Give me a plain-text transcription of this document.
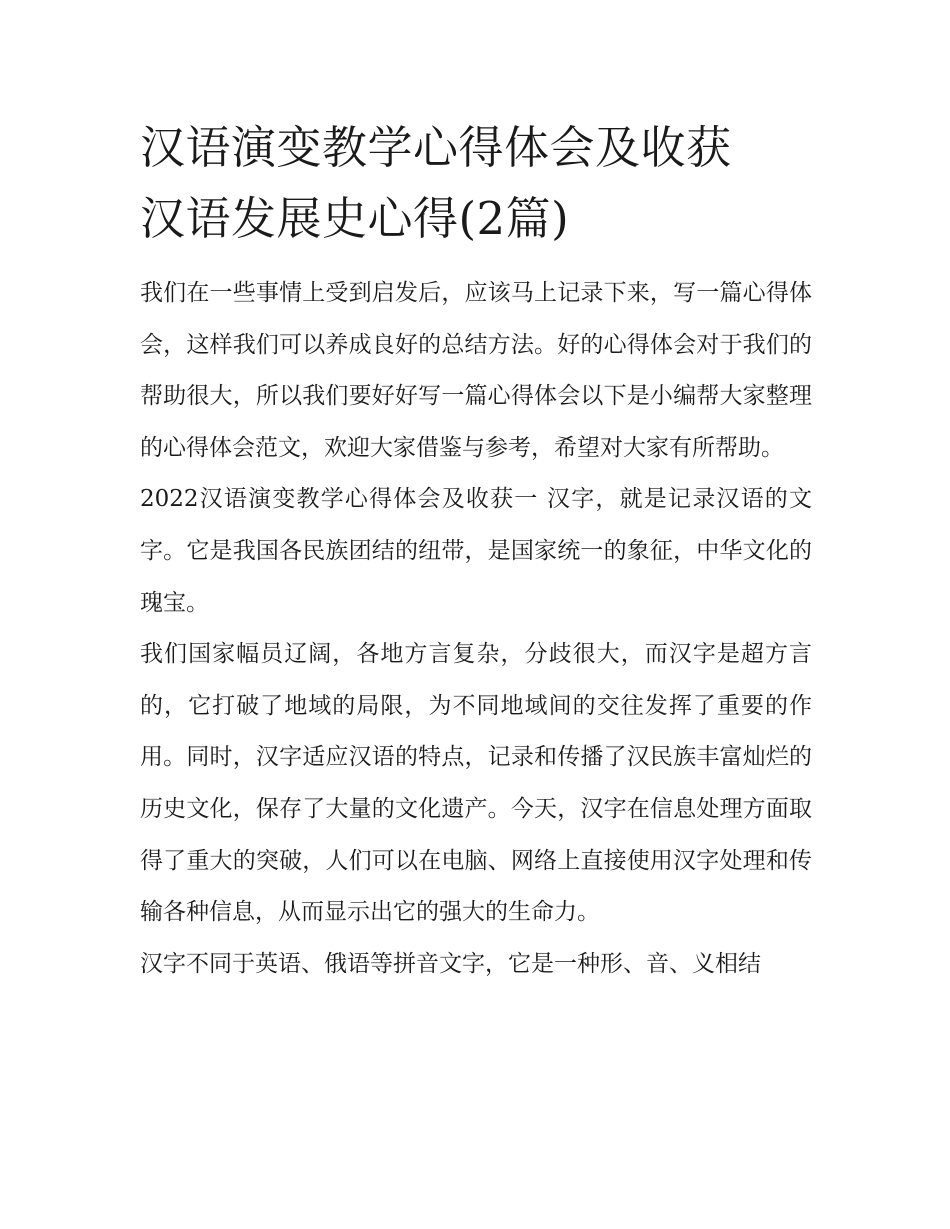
汉语演变教学心得体会及收获
汉语发展史心得(2篇)

我们在一些事情上受到启发后，应该马上记录下来，写一篇心得体会，这样我们可以养成良好的总结方法。好的心得体会对于我们的帮助很大，所以我们要好好写一篇心得体会以下是小编帮大家整理的心得体会范文，欢迎大家借鉴与参考，希望对大家有所帮助。

2022汉语演变教学心得体会及收获一 汉字，就是记录汉语的文字。它是我国各民族团结的纽带，是国家统一的象征，中华文化的瑰宝。

我们国家幅员辽阔，各地方言复杂，分歧很大，而汉字是超方言的，它打破了地域的局限，为不同地域间的交往发挥了重要的作用。同时，汉字适应汉语的特点，记录和传播了汉民族丰富灿烂的历史文化，保存了大量的文化遗产。今天，汉字在信息处理方面取得了重大的突破，人们可以在电脑、网络上直接使用汉字处理和传输各种信息，从而显示出它的强大的生命力。

汉字不同于英语、俄语等拼音文字，它是一种形、音、义相结
